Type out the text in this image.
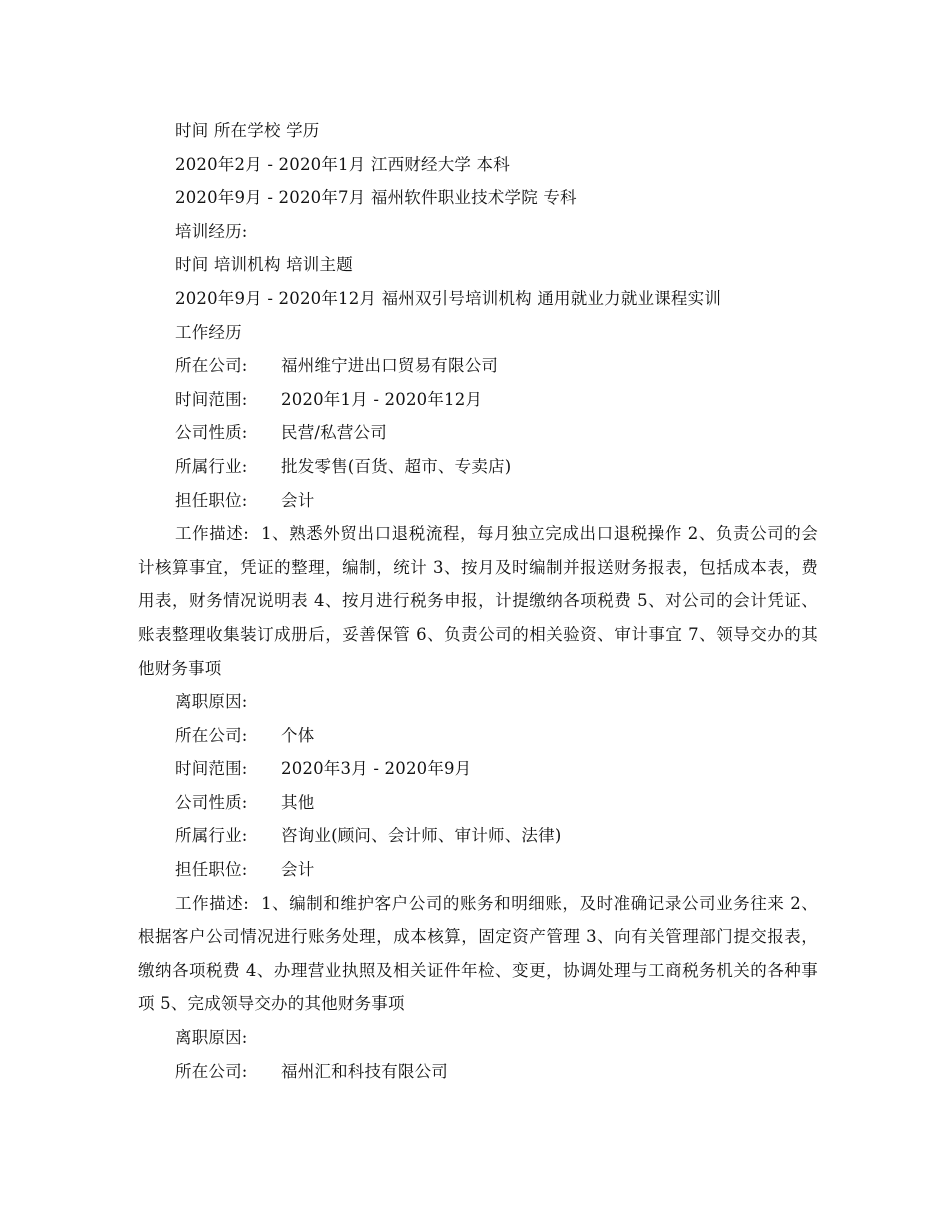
时间 所在学校 学历
2020年2月 - 2020年1月 江西财经大学 本科
2020年9月 - 2020年7月 福州软件职业技术学院 专科
培训经历:
时间 培训机构 培训主题
2020年9月 - 2020年12月 福州双引号培训机构 通用就业力就业课程实训
工作经历
所在公司: 福州维宁进出口贸易有限公司
时间范围: 2020年1月 - 2020年12月
公司性质: 民营/私营公司
所属行业: 批发零售(百货、超市、专卖店)
担任职位: 会计
工作描述: 1、熟悉外贸出口退税流程，每月独立完成出口退税操作 2、负责公司的会计核算事宜，凭证的整理，编制，统计 3、按月及时编制并报送财务报表，包括成本表，费用表，财务情况说明表 4、按月进行税务申报，计提缴纳各项税费 5、对公司的会计凭证、账表整理收集装订成册后，妥善保管 6、负责公司的相关验资、审计事宜 7、领导交办的其他财务事项
离职原因:
所在公司: 个体
时间范围: 2020年3月 - 2020年9月
公司性质: 其他
所属行业: 咨询业(顾问、会计师、审计师、法律)
担任职位: 会计
工作描述: 1、编制和维护客户公司的账务和明细账，及时准确记录公司业务往来 2、根据客户公司情况进行账务处理，成本核算，固定资产管理 3、向有关管理部门提交报表，缴纳各项税费 4、办理营业执照及相关证件年检、变更，协调处理与工商税务机关的各种事项 5、完成领导交办的其他财务事项
离职原因:
所在公司: 福州汇和科技有限公司
